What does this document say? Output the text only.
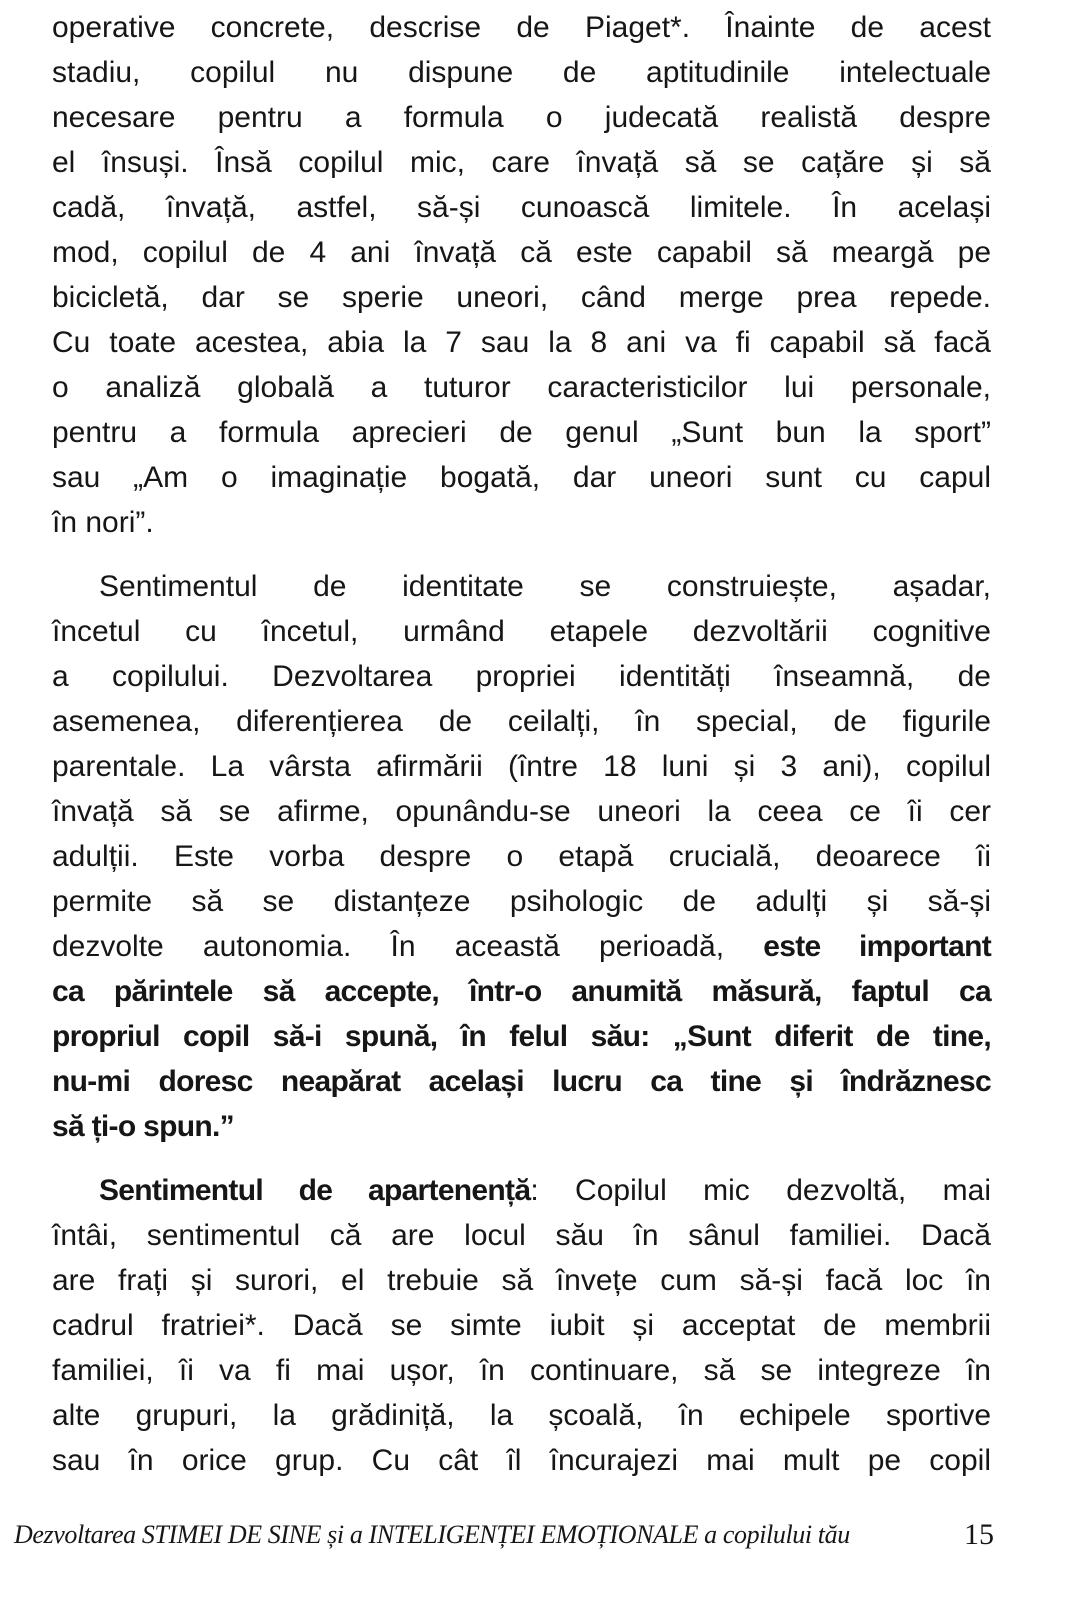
operative concrete, descrise de Piaget*. Înainte de acest
stadiu, copilul nu dispune de aptitudinile intelectuale
necesare pentru a formula o judecată realistă despre
el însuși. Însă copilul mic, care învață să se cațăre și să
cadă, învață, astfel, să-și cunoască limitele. În același
mod, copilul de 4 ani învață că este capabil să meargă pe
bicicletă, dar se sperie uneori, când merge prea repede.
Cu toate acestea, abia la 7 sau la 8 ani va fi capabil să facă
o analiză globală a tuturor caracteristicilor lui personale,
pentru a formula aprecieri de genul „Sunt bun la sport”
sau „Am o imaginație bogată, dar uneori sunt cu capul
în nori”.
Sentimentul de identitate se construiește, așadar,
încetul cu încetul, urmând etapele dezvoltării cognitive
a copilului. Dezvoltarea propriei identități înseamnă, de
asemenea, diferențierea de ceilalți, în special, de figurile
parentale. La vârsta afirmării (între 18 luni și 3 ani), copilul
învață să se afirme, opunându-se uneori la ceea ce îi cer
adulții. Este vorba despre o etapă crucială, deoarece îi
permite să se distanțeze psihologic de adulți și să-și
dezvolte autonomia. În această perioadă, este important
ca părintele să accepte, într-o anumită măsură, faptul ca
propriul copil să-i spună, în felul său: „Sunt diferit de tine,
nu-mi doresc neapărat același lucru ca tine și îndrăznesc
să ți-o spun.”
Sentimentul de apartenență: Copilul mic dezvoltă, mai
întâi, sentimentul că are locul său în sânul familiei. Dacă
are frați și surori, el trebuie să învețe cum să-și facă loc în
cadrul fratriei*. Dacă se simte iubit și acceptat de membrii
familiei, îi va fi mai ușor, în continuare, să se integreze în
alte grupuri, la grădiniță, la școală, în echipele sportive
sau în orice grup. Cu cât îl încurajezi mai mult pe copil
Dezvoltarea STIMEI DE SINE și a INTELIGENȚEI EMOȚIONALE a copilului tău	15
